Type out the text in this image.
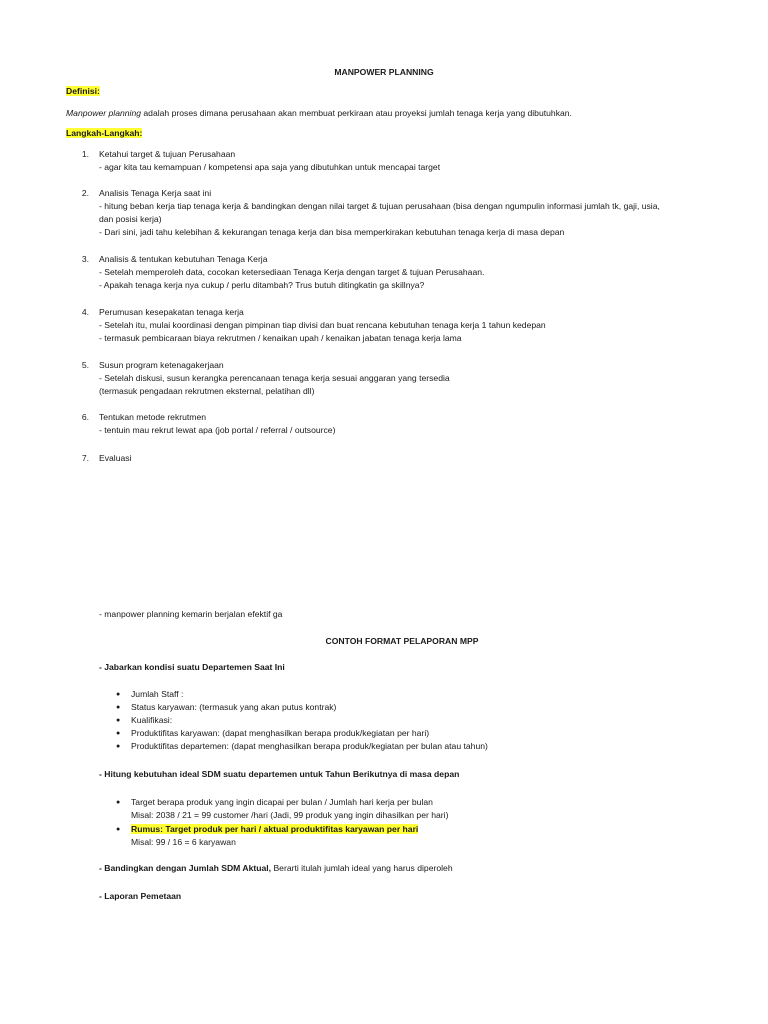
MANPOWER PLANNING
Definisi:
Manpower planning adalah proses dimana perusahaan akan membuat perkiraan atau proyeksi jumlah tenaga kerja yang dibutuhkan.
Langkah-Langkah:
1. Ketahui target & tujuan Perusahaan
- agar kita tau kemampuan / kompetensi apa saja yang dibutuhkan untuk mencapai target
2. Analisis Tenaga Kerja saat ini
- hitung beban kerja tiap tenaga kerja & bandingkan dengan nilai target & tujuan perusahaan (bisa dengan ngumpulin informasi jumlah tk, gaji, usia,
dan posisi kerja)
- Dari sini, jadi tahu kelebihan & kekurangan tenaga kerja dan bisa memperkirakan kebutuhan tenaga kerja di masa depan
3. Analisis & tentukan kebutuhan Tenaga Kerja
- Setelah memperoleh data, cocokan ketersediaan Tenaga Kerja dengan target & tujuan Perusahaan.
- Apakah tenaga kerja nya cukup / perlu ditambah? Trus butuh ditingkatin ga skillnya?
4. Perumusan kesepakatan tenaga kerja
- Setelah itu, mulai koordinasi dengan pimpinan tiap divisi dan buat rencana kebutuhan tenaga kerja 1 tahun kedepan
- termasuk pembicaraan biaya rekrutmen / kenaikan upah / kenaikan jabatan tenaga kerja lama
5. Susun program ketenagakerjaan
- Setelah diskusi, susun kerangka perencanaan tenaga kerja sesuai anggaran yang tersedia
(termasuk pengadaan rekrutmen eksternal, pelatihan dll)
6. Tentukan metode rekrutmen
- tentuin mau rekrut lewat apa (job portal / referral / outsource)
7. Evaluasi
- manpower planning kemarin berjalan efektif ga
CONTOH FORMAT PELAPORAN MPP
- Jabarkan kondisi suatu Departemen Saat Ini
● Jumlah Staff :
● Status karyawan: (termasuk yang akan putus kontrak)
● Kualifikasi:
● Produktifitas karyawan: (dapat menghasilkan berapa produk/kegiatan per hari)
● Produktifitas departemen: (dapat menghasilkan berapa produk/kegiatan per bulan atau tahun)
- Hitung kebutuhan ideal SDM suatu departemen untuk Tahun Berikutnya di masa depan
● Target berapa produk yang ingin dicapai per bulan / Jumlah hari kerja per bulan
Misal: 2038 / 21 = 99 customer /hari (Jadi, 99 produk yang ingin dihasilkan per hari)
● Rumus: Target produk per hari / aktual produktifitas karyawan per hari
Misal: 99 / 16 = 6 karyawan
- Bandingkan dengan Jumlah SDM Aktual, Berarti itulah jumlah ideal yang harus diperoleh
- Laporan Pemetaan
